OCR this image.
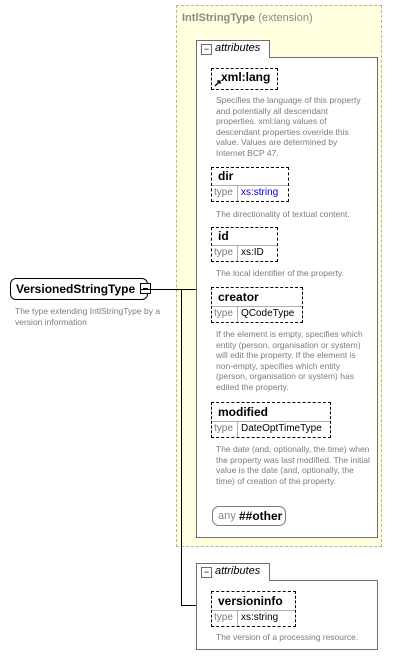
IntlStringType (extension)
− attributes
xml:lang
Specifies the language of this property and potentially all descendant properties. xml:lang values of descendant properties override this value. Values are determined by Internet BCP 47.
dir
type xs:string
The directionality of textual content.
id
type xs:ID
The local identifier of the property.
creator
type QCodeType
If the element is empty, specifies which entity (person, organisation or system) will edit the property. If the element is non-empty, specifies which entity (person, organisation or system) has edited the property.
modified
type DateOptTimeType
The date (and, optionally, the time) when the property was last modified. The initial value is the date (and, optionally, the time) of creation of the property.
any ##other
− attributes
versioninfo
type xs:string
The version of a processing resource.
VersionedStringType
The type extending IntlStringType by a version information
